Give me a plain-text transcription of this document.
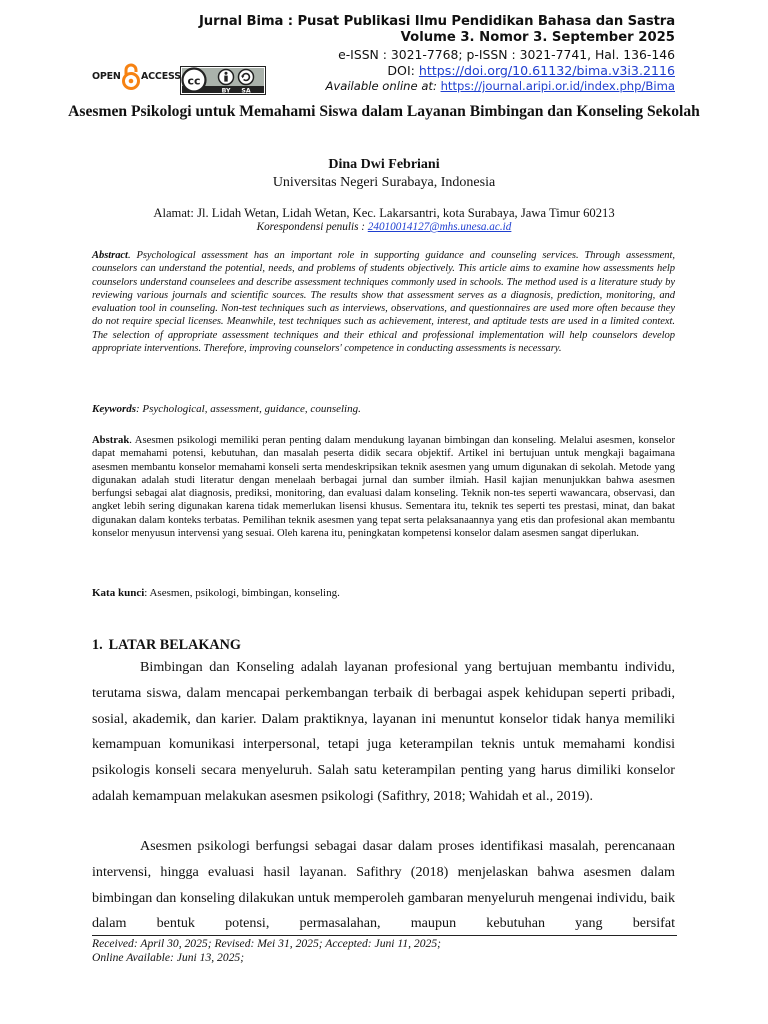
Jurnal Bima : Pusat Publikasi Ilmu Pendidikan Bahasa dan Sastra
Volume 3. Nomor 3. September 2025
e-ISSN : 3021-7768; p-ISSN : 3021-7741, Hal. 136-146
DOI: https://doi.org/10.61132/bima.v3i3.2116
Available online at: https://journal.aripi.or.id/index.php/Bima
OPEN ACCESS cc
BY SA
Asesmen Psikologi untuk Memahami Siswa dalam Layanan Bimbingan dan Konseling Sekolah
Dina Dwi Febriani
Universitas Negeri Surabaya, Indonesia
Alamat: Jl. Lidah Wetan, Lidah Wetan, Kec. Lakarsantri, kota Surabaya, Jawa Timur 60213
Korespondensi penulis : 24010014127@mhs.unesa.ac.id
Abstract. Psychological assessment has an important role in supporting guidance and counseling services. Through assessment, counselors can understand the potential, needs, and problems of students objectively. This article aims to examine how assessments help counselors understand counselees and describe assessment techniques commonly used in schools. The method used is a literature study by reviewing various journals and scientific sources. The results show that assessment serves as a diagnosis, prediction, monitoring, and evaluation tool in counseling. Non-test techniques such as interviews, observations, and questionnaires are used more often because they do not require special licenses. Meanwhile, test techniques such as achievement, interest, and aptitude tests are used in a limited context. The selection of appropriate assessment techniques and their ethical and professional implementation will help counselors develop appropriate interventions. Therefore, improving counselors' competence in conducting assessments is necessary.
Keywords: Psychological, assessment, guidance, counseling.
Abstrak. Asesmen psikologi memiliki peran penting dalam mendukung layanan bimbingan dan konseling. Melalui asesmen, konselor dapat memahami potensi, kebutuhan, dan masalah peserta didik secara objektif. Artikel ini bertujuan untuk mengkaji bagaimana asesmen membantu konselor memahami konseli serta mendeskripsikan teknik asesmen yang umum digunakan di sekolah. Metode yang digunakan adalah studi literatur dengan menelaah berbagai jurnal dan sumber ilmiah. Hasil kajian menunjukkan bahwa asesmen berfungsi sebagai alat diagnosis, prediksi, monitoring, dan evaluasi dalam konseling. Teknik non-tes seperti wawancara, observasi, dan angket lebih sering digunakan karena tidak memerlukan lisensi khusus. Sementara itu, teknik tes seperti tes prestasi, minat, dan bakat digunakan dalam konteks terbatas. Pemilihan teknik asesmen yang tepat serta pelaksanaannya yang etis dan profesional akan membantu konselor menyusun intervensi yang sesuai. Oleh karena itu, peningkatan kompetensi konselor dalam asesmen sangat diperlukan.
Kata kunci: Asesmen, psikologi, bimbingan, konseling.
1. LATAR BELAKANG

Bimbingan dan Konseling adalah layanan profesional yang bertujuan membantu individu, terutama siswa, dalam mencapai perkembangan terbaik di berbagai aspek kehidupan seperti pribadi, sosial, akademik, dan karier. Dalam praktiknya, layanan ini menuntut konselor tidak hanya memiliki kemampuan komunikasi interpersonal, tetapi juga keterampilan teknis untuk memahami kondisi psikologis konseli secara menyeluruh. Salah satu keterampilan penting yang harus dimiliki konselor adalah kemampuan melakukan asesmen psikologi (Safithry, 2018; Wahidah et al., 2019).

Asesmen psikologi berfungsi sebagai dasar dalam proses identifikasi masalah, perencanaan intervensi, hingga evaluasi hasil layanan. Safithry (2018) menjelaskan bahwa asesmen dalam bimbingan dan konseling dilakukan untuk memperoleh gambaran menyeluruh mengenai individu, baik dalam bentuk potensi, permasalahan, maupun kebutuhan yang bersifat

Received: April 30, 2025; Revised: Mei 31, 2025; Accepted: Juni 11, 2025;
Online Available: Juni 13, 2025;
